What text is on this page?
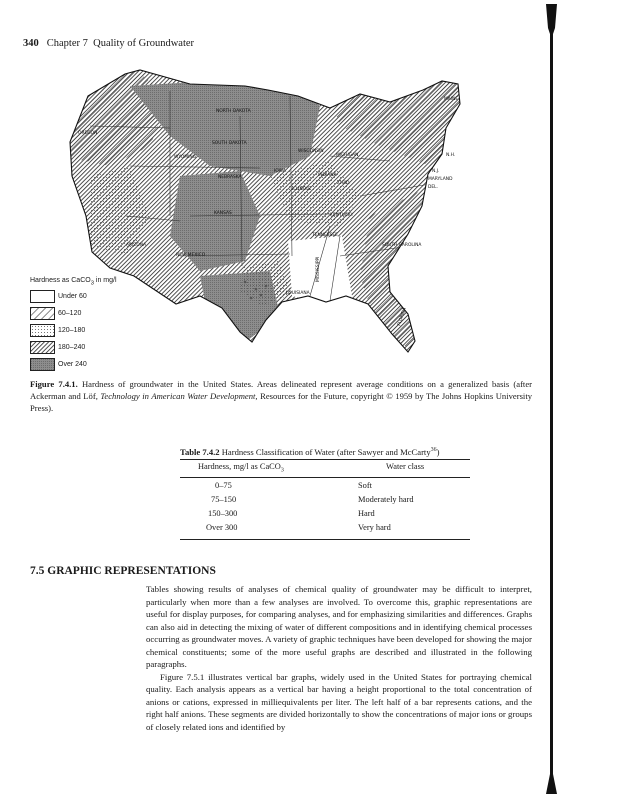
340 Chapter 7 Quality of Groundwater
OREGON
NORTH DAKOTA
SOUTH DAKOTA
NEBRASKA
IOWA
WYOMING
KANSAS
ILLINOIS
INDIANA
OHIO
MICHIGAN
WISCONSIN
KENTUCKY
TENNESSEE
NEW MEXICO
ARIZONA
MISSISSIPPI
LOUISIANA
FLORIDA
SOUTH CAROLINA
MAINE
N.J.
MARYLAND
DEL.
N.H.
Hardness as CaCO$_3$ in mg/l
Under 60
60–120
120–180
180–240
Over 240
Figure 7.4.1. Hardness of groundwater in the United States. Areas delineated represent average conditions on a generalized basis (after Ackerman and Löf, Technology in American Water Development, Resources for the Future, copyright © 1959 by The Johns Hopkins University Press).
Table 7.4.2 Hardness Classification of Water (after Sawyer and McCarty$^{36}$)
Hardness, mg/l as CaCO$_3$	Water class
0–75	Soft
75–150	Moderately hard
150–300	Hard
Over 300	Very hard
7.5 GRAPHIC REPRESENTATIONS

Tables showing results of analyses of chemical quality of groundwater may be difficult to interpret, particularly when more than a few analyses are involved. To overcome this, graphic representations are useful for display purposes, for comparing analyses, and for emphasizing similarities and differences. Graphs can also aid in detecting the mixing of water of different compositions and in identifying chemical processes occurring as groundwater moves. A variety of graphic techniques have been developed for showing the major chemical constituents; some of the more useful graphs are described and illustrated in the following paragraphs.

Figure 7.5.1 illustrates vertical bar graphs, widely used in the United States for portraying chemical quality. Each analysis appears as a vertical bar having a height proportional to the total concentration of anions or cations, expressed in milliequivalents per liter. The left half of a bar represents cations, and the right half anions. These segments are divided horizontally to show the concentrations of major ions or groups of closely related ions and identified by
